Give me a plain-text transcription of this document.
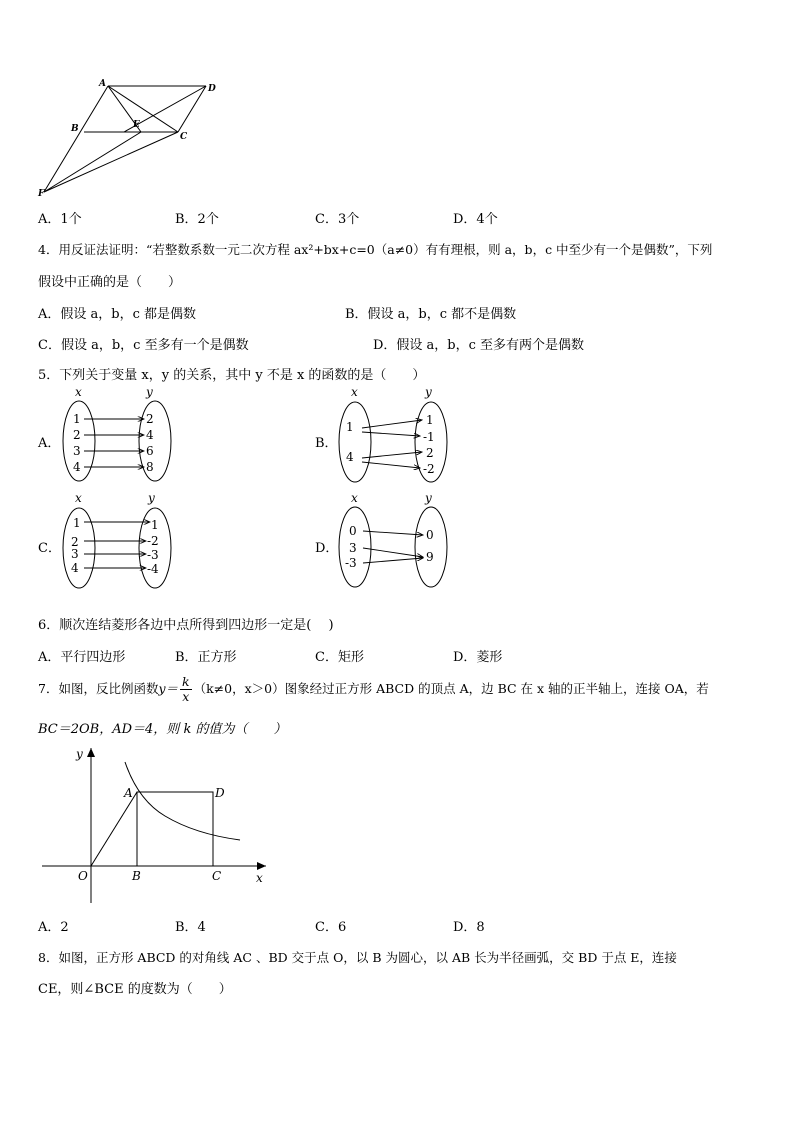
A	D
B	E
C
F
A．1个	B．2个	C．3个	D．4个
4．用反证法证明：“若整数系数一元二次方程 ax²+bx+c=0（a≠0）有有理根，则 a，b，c 中至少有一个是偶数”，下列
假设中正确的是（　　）
A．假设 a，b，c 都是偶数	B．假设 a，b，c 都不是偶数
C．假设 a，b，c 至多有一个是偶数	D．假设 a，b，c 至多有两个是偶数
5．下列关于变量 x，y 的关系，其中 y 不是 x 的函数的是（　　）
A．	B．
C．	D．
x	y
1
2
3
4
2
4
6
8
x	y
1
4
1
-1
2
-2
x	y
1
2
3
4
1
-2
-3
-4
x	y
0
3
-3
0
9
6．顺次连结菱形各边中点所得到四边形一定是(　 )
A．平行四边形	B．正方形	C．矩形	D．菱形
7．如图，反比例函数$y= \frac{k}{x} (k\ne 0$，x＞0）图象经过正方形 ABCD 的顶点 A，边 BC 在 x 轴的正半轴上，连接 OA，若
BC＝2OB，AD＝4，则 k 的值为（　　）
y
x
O
A
B	C
D
A．2	B．4	C．6	D．8
8．如图，正方形 ABCD 的对角线 AC 、BD 交于点 O，以 B 为圆心，以 AB 长为半径画弧，交 BD 于点 E，连接
CE，则∠BCE 的度数为（　　）
